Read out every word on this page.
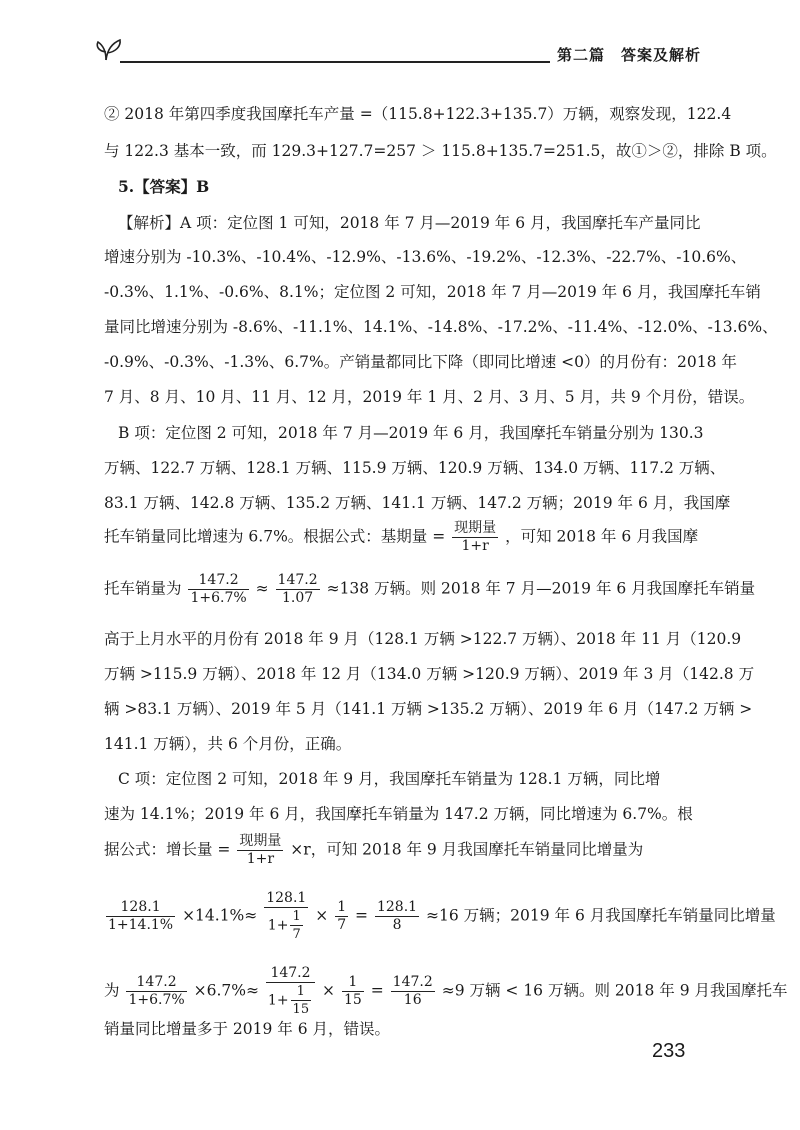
第二篇　答案及解析
② 2018 年第四季度我国摩托车产量 =（115.8+122.3+135.7）万辆，观察发现，122.4
与 122.3 基本一致，而 129.3+127.7=257 ＞ 115.8+135.7=251.5，故①＞②，排除 B 项。
5.【答案】B
【解析】A 项：定位图 1 可知，2018 年 7 月—2019 年 6 月，我国摩托车产量同比
增速分别为 -10.3%、-10.4%、-12.9%、-13.6%、-19.2%、-12.3%、-22.7%、-10.6%、
-0.3%、1.1%、-0.6%、8.1%；定位图 2 可知，2018 年 7 月—2019 年 6 月，我国摩托车销
量同比增速分别为 -8.6%、-11.1%、14.1%、-14.8%、-17.2%、-11.4%、-12.0%、-13.6%、
-0.9%、-0.3%、-1.3%、6.7%。产销量都同比下降（即同比增速 <0）的月份有：2018 年
7 月、8 月、10 月、11 月、12 月，2019 年 1 月、2 月、3 月、5 月，共 9 个月份，错误。
B 项：定位图 2 可知，2018 年 7 月—2019 年 6 月，我国摩托车销量分别为 130.3
万辆、122.7 万辆、128.1 万辆、115.9 万辆、120.9 万辆、134.0 万辆、117.2 万辆、
83.1 万辆、142.8 万辆、135.2 万辆、141.1 万辆、147.2 万辆；2019 年 6 月，我国摩
托车销量同比增速为 6.7%。根据公式：基期量 = $\frac{\text{现期量}}{1+r}$ ，可知 2018 年 6 月我国摩
托车销量为 $\frac{147.2}{1+6.7\%} \approx \frac{147.2}{1.07} \approx 138$ 万辆。则 2018 年 7 月—2019 年 6 月我国摩托车销量
高于上月水平的月份有 2018 年 9 月（128.1 万辆 >122.7 万辆）、2018 年 11 月（120.9
万辆 >115.9 万辆）、2018 年 12 月（134.0 万辆 >120.9 万辆）、2019 年 3 月（142.8 万
辆 >83.1 万辆）、2019 年 5 月（141.1 万辆 >135.2 万辆）、2019 年 6 月（147.2 万辆 >
141.1 万辆），共 6 个月份，正确。
C 项：定位图 2 可知，2018 年 9 月，我国摩托车销量为 128.1 万辆，同比增
速为 14.1%；2019 年 6 月，我国摩托车销量为 147.2 万辆，同比增速为 6.7%。根
据公式：增长量 = $\frac{\text{现期量}}{1+r} \times r$，可知 2018 年 9 月我国摩托车销量同比增量为
$\frac{128.1}{1+14.1\%} \times 14.1\%\approx \frac{128.1}{1+ \frac{1}{7}} \times \frac{1}{7} = \frac{128.1}{8} \approx 16$ 万辆；2019 年 6 月我国摩托车销量同比增量
为 $\frac{147.2}{1+6.7\%} \times 6.7\%\approx \frac{147.2}{1+ \frac{1}{15}} \times \frac{1}{15} = \frac{147.2}{16} \approx 9$ 万辆 < 16 万辆。则 2018 年 9 月我国摩托车
销量同比增量多于 2019 年 6 月，错误。
233
